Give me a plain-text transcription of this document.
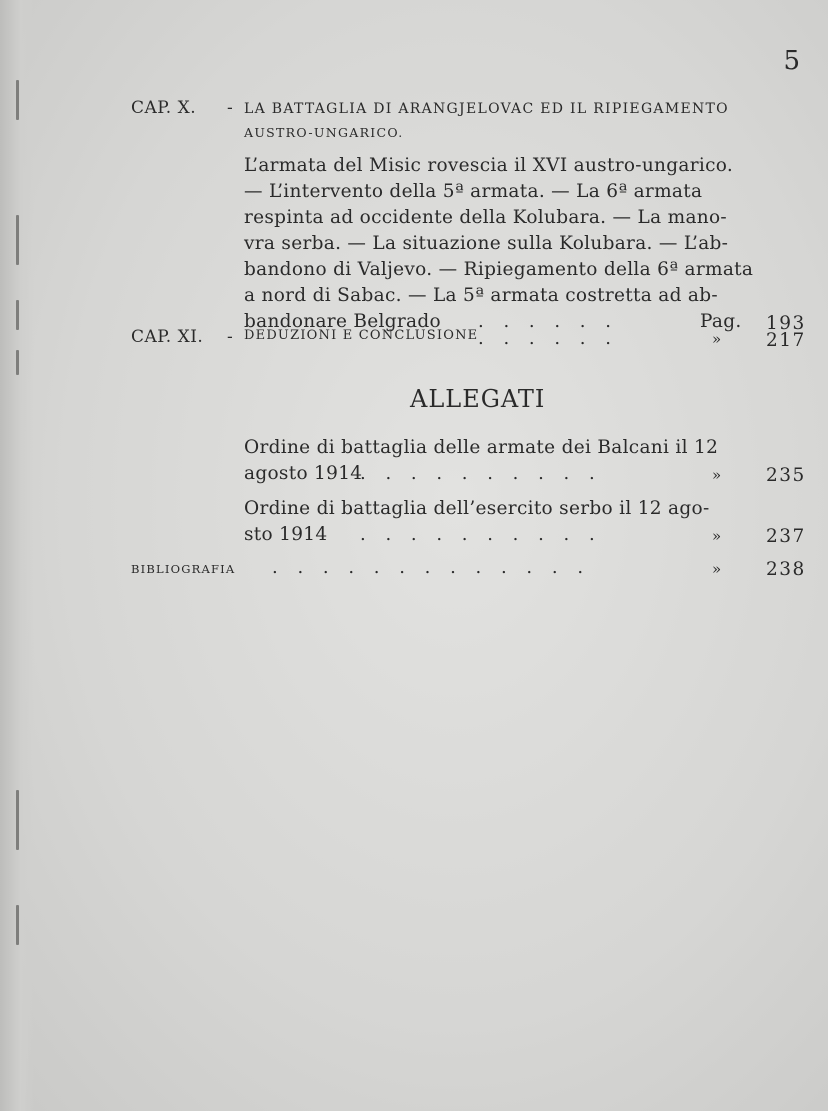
5
CAP. X. - LA BATTAGLIA DI ARANGJELOVAC ED IL RIPIEGAMENTO
AUSTRO-UNGARICO.
L’armata del Misic rovescia il XVI austro-ungarico.
— L’intervento della 5ª armata. — La 6ª armata
respinta ad occidente della Kolubara. — La mano-
vra serba. — La situazione sulla Kolubara. — L’ab-
bandono di Valjevo. — Ripiegamento della 6ª armata
a nord di Sabac. — La 5ª armata costretta ad ab-
bandonare Belgrado . . . . . .	Pag. 193
CAP. XI. - DEDUZIONI E CONCLUSIONE . . . . . .	» 217
ALLEGATI
Ordine di battaglia delle armate dei Balcani il 12
agosto 1914
. . . . . . . . . .	» 235
Ordine di battaglia dell’esercito serbo il 12 ago-
sto 1914 . . . . . . . . . .	» 237
BIBLIOGRAFIA . . . . . . . . . . . . .	» 238
